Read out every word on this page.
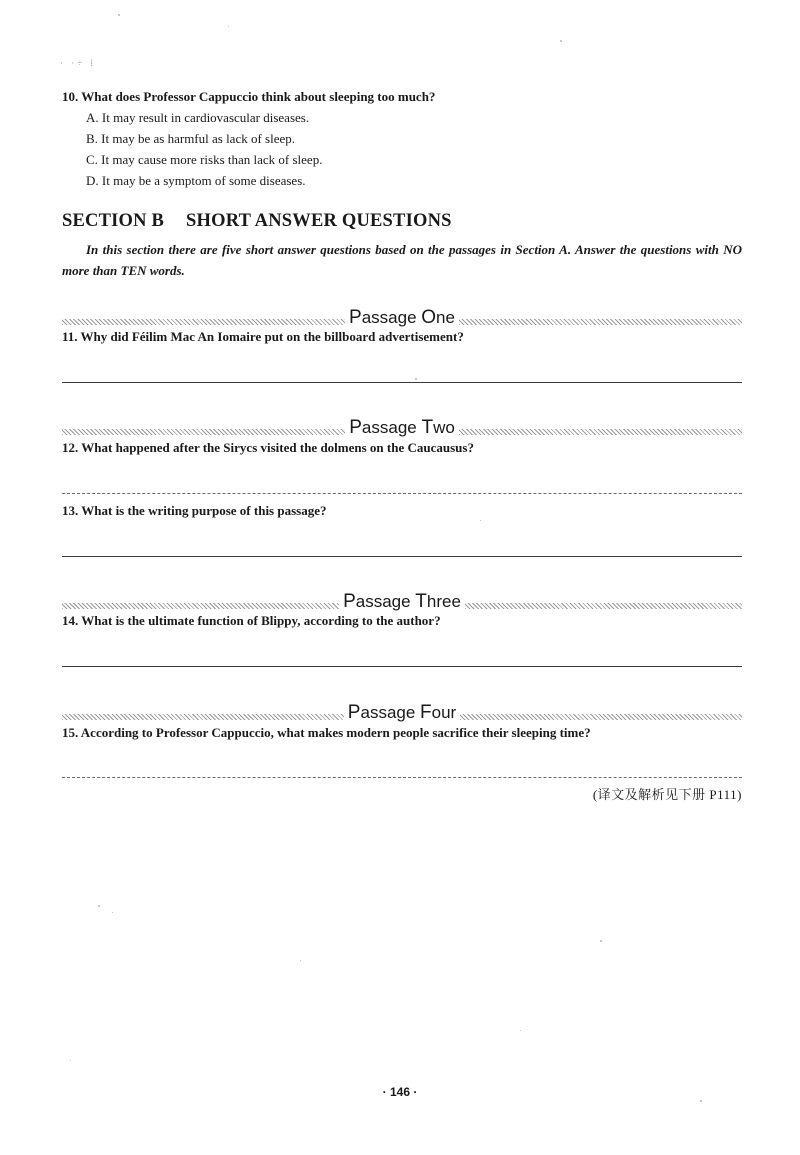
· ·÷ ⁞
10. What does Professor Cappuccio think about sleeping too much?
A. It may result in cardiovascular diseases.
B. It may be as harmful as lack of sleep.
C. It may cause more risks than lack of sleep.
D. It may be a symptom of some diseases.
SECTION B SHORT ANSWER QUESTIONS
In this section there are five short answer questions based on the passages in Section A. Answer the questions with NO more than TEN words.
Passage One
11. Why did Féilim Mac An Iomaire put on the billboard advertisement?
Passage Two
12. What happened after the Sirycs visited the dolmens on the Caucausus?
13. What is the writing purpose of this passage?
Passage Three
14. What is the ultimate function of Blippy, according to the author?
Passage Four
15. According to Professor Cappuccio, what makes modern people sacrifice their sleeping time?
(译文及解析见下册 P111)
· 146 ·
